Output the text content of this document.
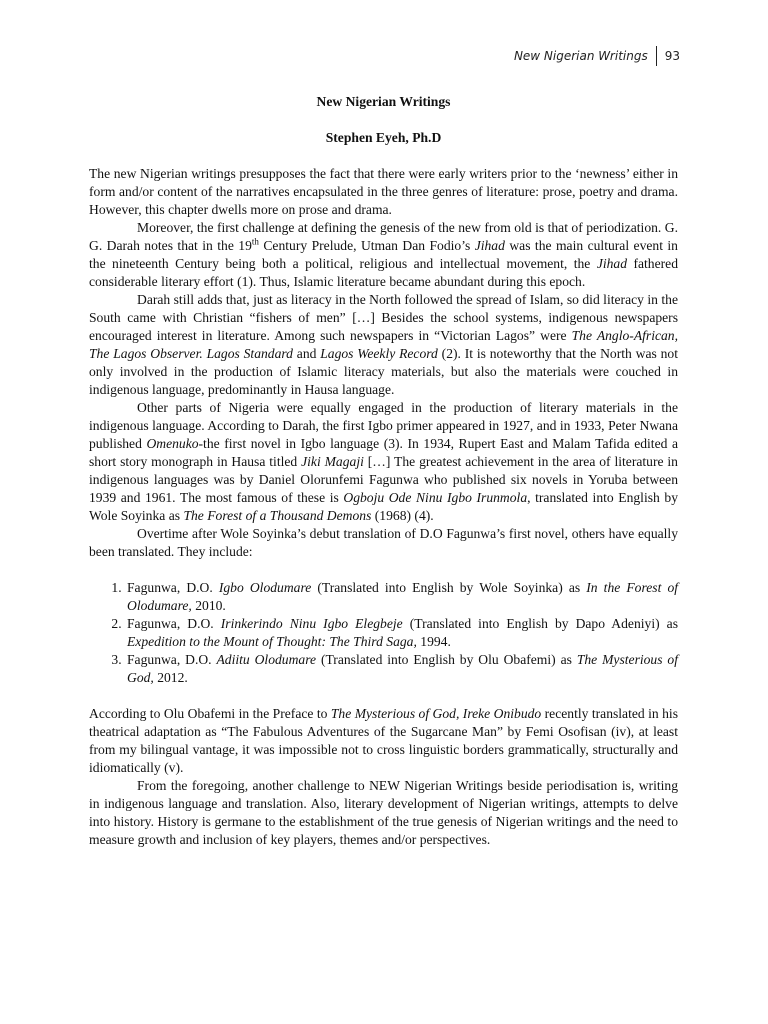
New Nigerian Writings 93

New Nigerian Writings

Stephen Eyeh, Ph.D

The new Nigerian writings presupposes the fact that there were early writers prior to the ‘newness’ either in form and/or content of the narratives encapsulated in the three genres of literature: prose, poetry and drama. However, this chapter dwells more on prose and drama.

Moreover, the first challenge at defining the genesis of the new from old is that of periodization. G. G. Darah notes that in the 19th Century Prelude, Utman Dan Fodio’s Jihad was the main cultural event in the nineteenth Century being both a political, religious and intellectual movement, the Jihad fathered considerable literary effort (1). Thus, Islamic literature became abundant during this epoch.

Darah still adds that, just as literacy in the North followed the spread of Islam, so did literacy in the South came with Christian “fishers of men” […] Besides the school systems, indigenous newspapers encouraged interest in literature. Among such newspapers in “Victorian Lagos” were The Anglo-African, The Lagos Observer. Lagos Standard and Lagos Weekly Record (2). It is noteworthy that the North was not only involved in the production of Islamic literacy materials, but also the materials were couched in indigenous language, predominantly in Hausa language.

Other parts of Nigeria were equally engaged in the production of literary materials in the indigenous language. According to Darah, the first Igbo primer appeared in 1927, and in 1933, Peter Nwana published Omenuko-the first novel in Igbo language (3). In 1934, Rupert East and Malam Tafida edited a short story monograph in Hausa titled Jiki Magaji […] The greatest achievement in the area of literature in indigenous languages was by Daniel Olorunfemi Fagunwa who published six novels in Yoruba between 1939 and 1961. The most famous of these is Ogboju Ode Ninu Igbo Irunmola, translated into English by Wole Soyinka as The Forest of a Thousand Demons (1968) (4).

Overtime after Wole Soyinka’s debut translation of D.O Fagunwa’s first novel, others have equally been translated. They include:

1. Fagunwa, D.O. Igbo Olodumare (Translated into English by Wole Soyinka) as In the Forest of Olodumare, 2010.
2. Fagunwa, D.O. Irinkerindo Ninu Igbo Elegbeje (Translated into English by Dapo Adeniyi) as Expedition to the Mount of Thought: The Third Saga, 1994.
3. Fagunwa, D.O. Adiitu Olodumare (Translated into English by Olu Obafemi) as The Mysterious of God, 2012.

According to Olu Obafemi in the Preface to The Mysterious of God, Ireke Onibudo recently translated in his theatrical adaptation as “The Fabulous Adventures of the Sugarcane Man” by Femi Osofisan (iv), at least from my bilingual vantage, it was impossible not to cross linguistic borders grammatically, structurally and idiomatically (v).

From the foregoing, another challenge to NEW Nigerian Writings beside periodisation is, writing in indigenous language and translation. Also, literary development of Nigerian writings, attempts to delve into history. History is germane to the establishment of the true genesis of Nigerian writings and the need to measure growth and inclusion of key players, themes and/or perspectives.
